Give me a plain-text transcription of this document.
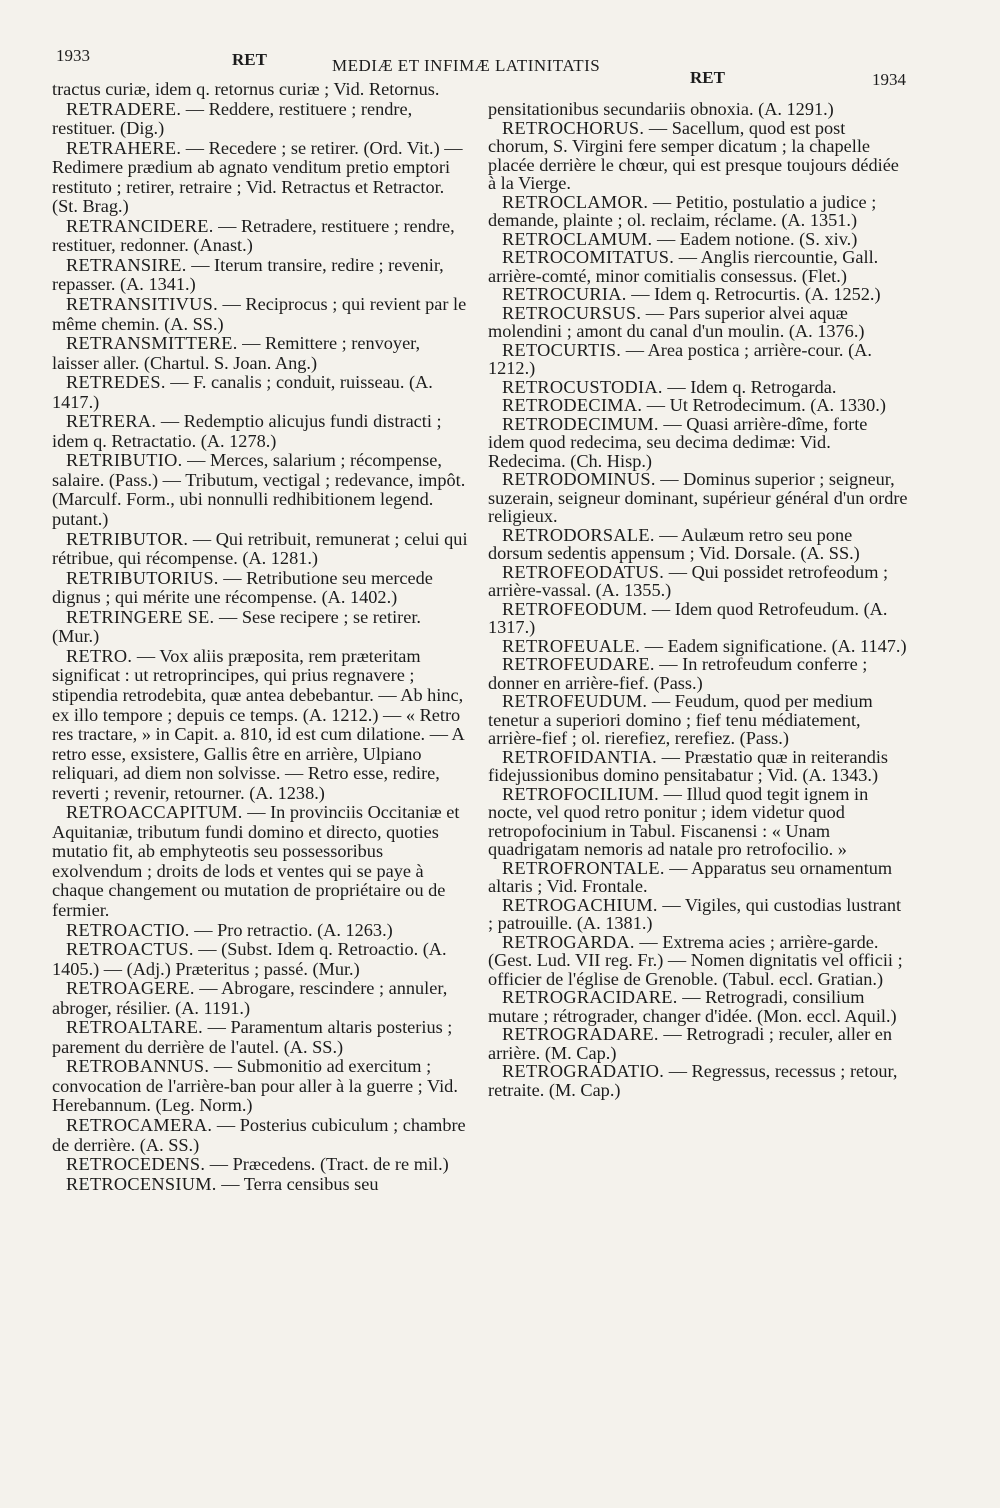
1933	RET	MEDIÆ ET INFIMÆ LATINITATIS
RET	1934

tractus curiæ, idem q. retornus curiæ ; Vid. Retornus.

RETRADERE. — Reddere, restituere ; rendre, restituer. (Dig.)

RETRAHERE. — Recedere ; se retirer. (Ord. Vit.) — Redimere prædium ab agnato venditum pretio emptori restituto ; retirer, retraire ; Vid. Retractus et Retractor. (St. Brag.)

RETRANCIDERE. — Retradere, restituere ; rendre, restituer, redonner. (Anast.)

RETRANSIRE. — Iterum transire, redire ; revenir, repasser. (A. 1341.)

RETRANSITIVUS. — Reciprocus ; qui revient par le même chemin. (A. SS.)

RETRANSMITTERE. — Remittere ; renvoyer, laisser aller. (Chartul. S. Joan. Ang.)

RETREDES. — F. canalis ; conduit, ruisseau. (A. 1417.)

RETRERA. — Redemptio alicujus fundi distracti ; idem q. Retractatio. (A. 1278.)

RETRIBUTIO. — Merces, salarium ; récompense, salaire. (Pass.) — Tributum, vectigal ; redevance, impôt. (Marculf. Form., ubi nonnulli redhibitionem legend. putant.)

RETRIBUTOR. — Qui retribuit, remunerat ; celui qui rétribue, qui récompense. (A. 1281.)

RETRIBUTORIUS. — Retributione seu mercede dignus ; qui mérite une récompense. (A. 1402.)

RETRINGERE SE. — Sese recipere ; se retirer. (Mur.)

RETRO. — Vox aliis præposita, rem præteritam significat : ut retroprincipes, qui prius regnavere ; stipendia retrodebita, quæ antea debebantur. — Ab hinc, ex illo tempore ; depuis ce temps. (A. 1212.) — « Retro res tractare, » in Capit. a. 810, id est cum dilatione. — A retro esse, exsistere, Gallis être en arrière, Ulpiano reliquari, ad diem non solvisse. — Retro esse, redire, reverti ; revenir, retourner. (A. 1238.)

RETROACCAPITUM. — In provinciis Occitaniæ et Aquitaniæ, tributum fundi domino et directo, quoties mutatio fit, ab emphyteotis seu possessoribus exolvendum ; droits de lods et ventes qui se paye à chaque changement ou mutation de propriétaire ou de fermier.

RETROACTIO. — Pro retractio. (A. 1263.)

RETROACTUS. — (Subst. Idem q. Retroactio. (A. 1405.) — (Adj.) Præteritus ; passé. (Mur.)

RETROAGERE. — Abrogare, rescindere ; annuler, abroger, résilier. (A. 1191.)

RETROALTARE. — Paramentum altaris posterius ; parement du derrière de l'autel. (A. SS.)

RETROBANNUS. — Submonitio ad exercitum ; convocation de l'arrière-ban pour aller à la guerre ; Vid. Herebannum. (Leg. Norm.)

RETROCAMERA. — Posterius cubiculum ; chambre de derrière. (A. SS.)

RETROCEDENS. — Præcedens. (Tract. de re mil.)

RETROCENSIUM. — Terra censibus seu

pensitationibus secundariis obnoxia. (A. 1291.)

RETROCHORUS. — Sacellum, quod est post chorum, S. Virgini fere semper dicatum ; la chapelle placée derrière le chœur, qui est presque toujours dédiée à la Vierge.

RETROCLAMOR. — Petitio, postulatio a judice ; demande, plainte ; ol. reclaim, réclame. (A. 1351.)

RETROCLAMUM. — Eadem notione. (S. xiv.)

RETROCOMITATUS. — Anglis riercountie, Gall. arrière-comté, minor comitialis consessus. (Flet.)

RETROCURIA. — Idem q. Retrocurtis. (A. 1252.)

RETROCURSUS. — Pars superior alvei aquæ molendini ; amont du canal d'un moulin. (A. 1376.)

RETOCURTIS. — Area postica ; arrière-cour. (A. 1212.)

RETROCUSTODIA. — Idem q. Retrogarda.

RETRODECIMA. — Ut Retrodecimum. (A. 1330.)

RETRODECIMUM. — Quasi arrière-dîme, forte idem quod redecima, seu decima dedimæ: Vid. Redecima. (Ch. Hisp.)

RETRODOMINUS. — Dominus superior ; seigneur, suzerain, seigneur dominant, supérieur général d'un ordre religieux.

RETRODORSALE. — Aulæum retro seu pone dorsum sedentis appensum ; Vid. Dorsale. (A. SS.)

RETROFEODATUS. — Qui possidet retrofeodum ; arrière-vassal. (A. 1355.)

RETROFEODUM. — Idem quod Retrofeudum. (A. 1317.)

RETROFEUALE. — Eadem significatione. (A. 1147.)

RETROFEUDARE. — In retrofeudum conferre ; donner en arrière-fief. (Pass.)

RETROFEUDUM. — Feudum, quod per medium tenetur a superiori domino ; fief tenu médiatement, arrière-fief ; ol. rierefiez, rerefiez. (Pass.)

RETROFIDANTIA. — Præstatio quæ in reiterandis fidejussionibus domino pensitabatur ; Vid. (A. 1343.)

RETROFOCILIUM. — Illud quod tegit ignem in nocte, vel quod retro ponitur ; idem videtur quod retropofocinium in Tabul. Fiscanensi : « Unam quadrigatam nemoris ad natale pro retrofocilio. »

RETROFRONTALE. — Apparatus seu ornamentum altaris ; Vid. Frontale.

RETROGACHIUM. — Vigiles, qui custodias lustrant ; patrouille. (A. 1381.)

RETROGARDA. — Extrema acies ; arrière-garde. (Gest. Lud. VII reg. Fr.) — Nomen dignitatis vel officii ; officier de l'église de Grenoble. (Tabul. eccl. Gratian.)

RETROGRACIDARE. — Retrogradi, consilium mutare ; rétrograder, changer d'idée. (Mon. eccl. Aquil.)

RETROGRADARE. — Retrogradi ; reculer, aller en arrière. (M. Cap.)

RETROGRADATIO. — Regressus, recessus ; retour, retraite. (M. Cap.)
